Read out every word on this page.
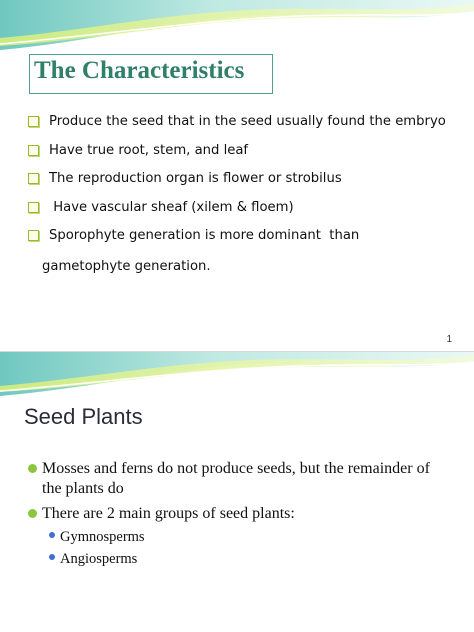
The Characteristics
Produce the seed that in the seed usually found the embryo
Have true root, stem, and leaf
The reproduction organ is flower or strobilus
Have vascular sheaf (xilem & floem)
Sporophyte generation is more dominant  than
gametophyte generation.
1
Seed Plants
Mosses and ferns do not produce seeds, but the remainder of the plants do
There are 2 main groups of seed plants:
Gymnosperms
Angiosperms
